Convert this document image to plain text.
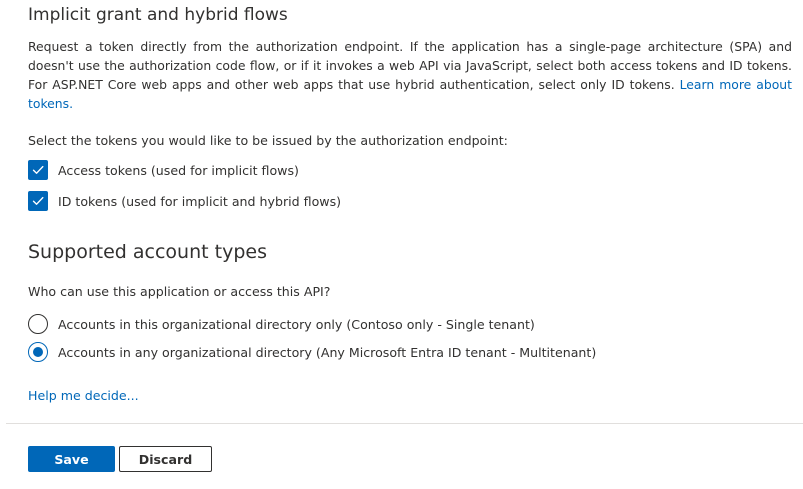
Implicit grant and hybrid flows

Request a token directly from the authorization endpoint. If the application has a single-page architecture (SPA) and doesn't use the authorization code flow, or if it invokes a web API via JavaScript, select both access tokens and ID tokens. For ASP.NET Core web apps and other web apps that use hybrid authentication, select only ID tokens. Learn more about tokens.

Select the tokens you would like to be issued by the authorization endpoint:

Access tokens (used for implicit flows)
ID tokens (used for implicit and hybrid flows)
Supported account types

Who can use this application or access this API?

Accounts in this organizational directory only (Contoso only - Single tenant)
Accounts in any organizational directory (Any Microsoft Entra ID tenant - Multitenant)
Help me decide...
Save	Discard
